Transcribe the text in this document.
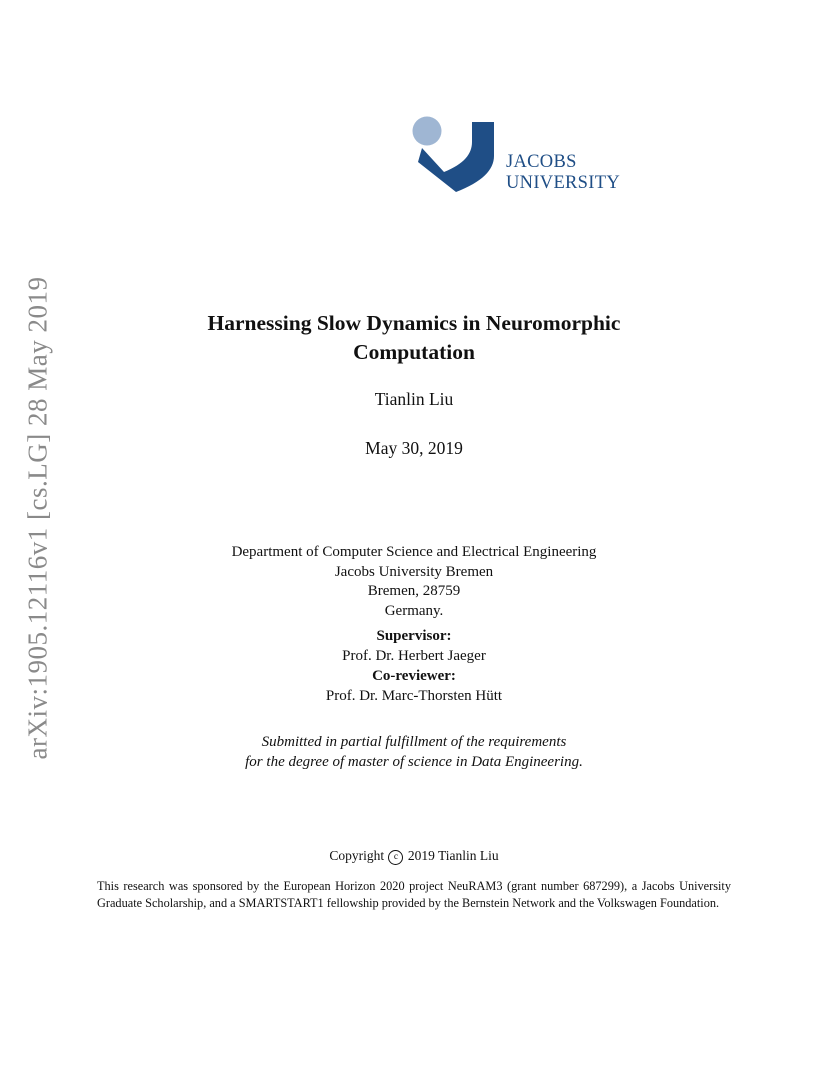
arXiv:1905.12116v1 [cs.LG] 28 May 2019
JACOBS
UNIVERSITY
Harnessing Slow Dynamics in Neuromorphic
Computation
Tianlin Liu
May 30, 2019
Department of Computer Science and Electrical Engineering
Jacobs University Bremen
Bremen, 28759
Germany.
Supervisor:
Prof. Dr. Herbert Jaeger
Co-reviewer:
Prof. Dr. Marc-Thorsten Hütt
Submitted in partial fulfillment of the requirements
for the degree of master of science in Data Engineering.
Copyright c 2019 Tianlin Liu
This research was sponsored by the European Horizon 2020 project NeuRAM3 (grant number 687299), a Jacobs University Graduate Scholarship, and a SMARTSTART1 fellowship provided by the Bernstein Network and the Volkswagen Foundation.
